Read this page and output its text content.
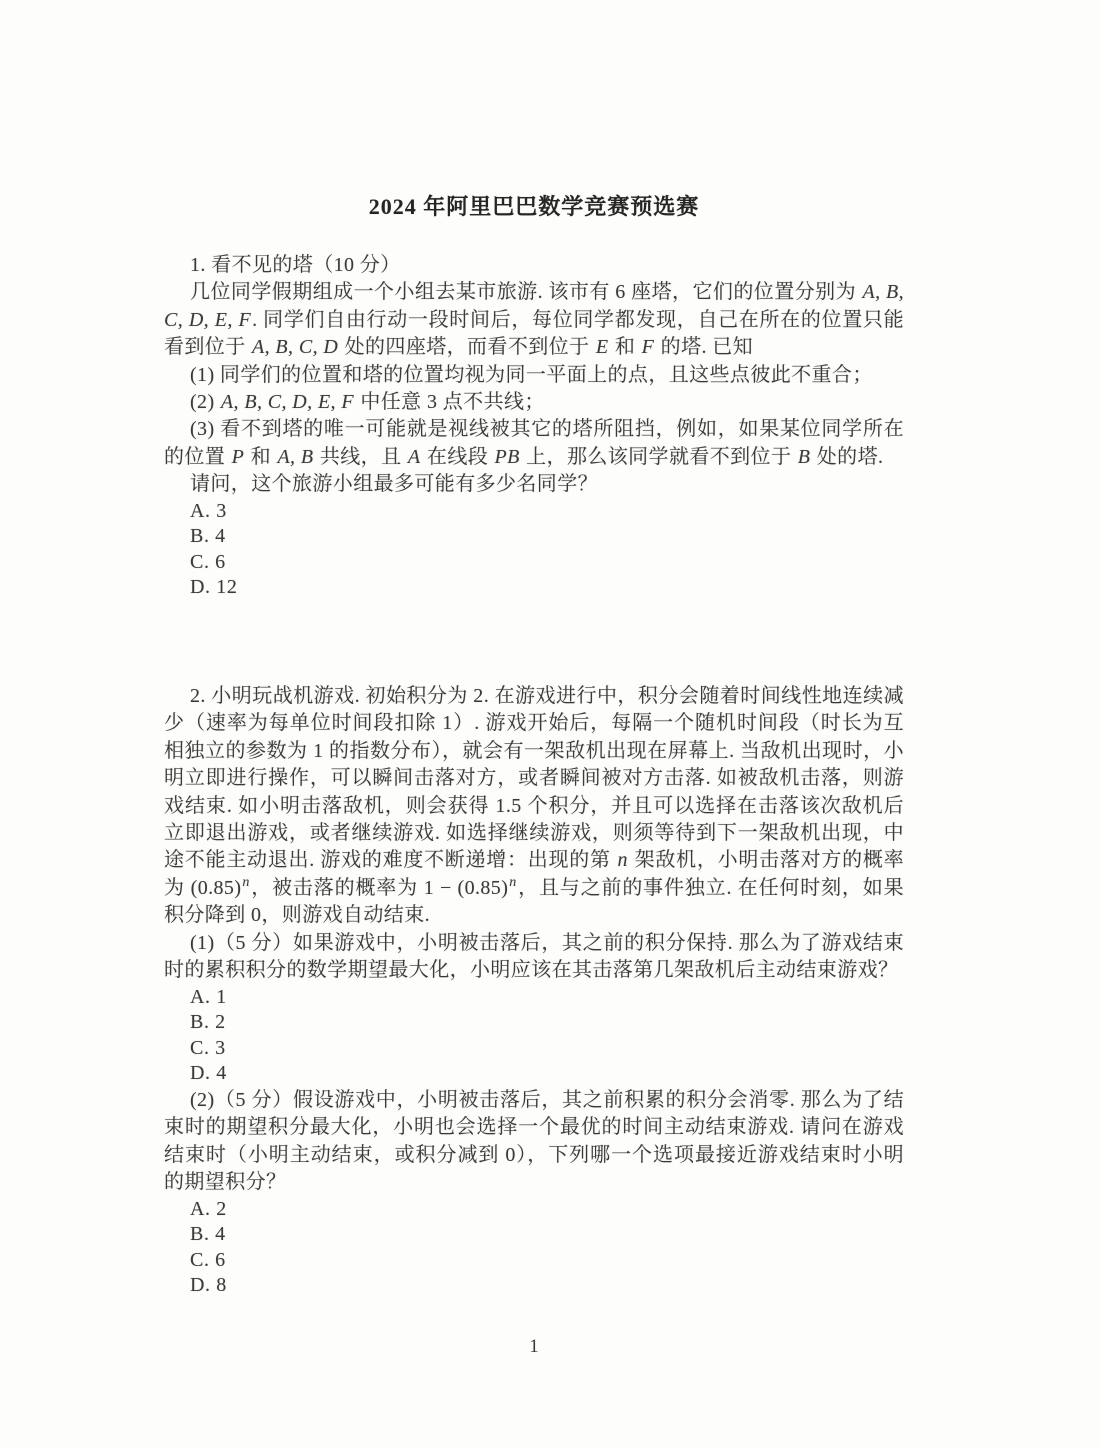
2024 年阿里巴巴数学竞赛预选赛

1. 看不见的塔（10 分）

几位同学假期组成一个小组去某市旅游. 该市有 6 座塔，它们的位置分别为 A, B, C, D, E, F. 同学们自由行动一段时间后，每位同学都发现，自己在所在的位置只能看到位于 A, B, C, D 处的四座塔，而看不到位于 E 和 F 的塔. 已知

(1) 同学们的位置和塔的位置均视为同一平面上的点，且这些点彼此不重合；

(2) A, B, C, D, E, F 中任意 3 点不共线；

(3) 看不到塔的唯一可能就是视线被其它的塔所阻挡，例如，如果某位同学所在的位置 P 和 A, B 共线，且 A 在线段 PB 上，那么该同学就看不到位于 B 处的塔.

请问，这个旅游小组最多可能有多少名同学？

A. 3

B. 4

C. 6

D. 12

2. 小明玩战机游戏. 初始积分为 2. 在游戏进行中，积分会随着时间线性地连续减少（速率为每单位时间段扣除 1）. 游戏开始后，每隔一个随机时间段（时长为互相独立的参数为 1 的指数分布），就会有一架敌机出现在屏幕上. 当敌机出现时，小明立即进行操作，可以瞬间击落对方，或者瞬间被对方击落. 如被敌机击落，则游戏结束. 如小明击落敌机，则会获得 1.5 个积分，并且可以选择在击落该次敌机后立即退出游戏，或者继续游戏. 如选择继续游戏，则须等待到下一架敌机出现，中途不能主动退出. 游戏的难度不断递增：出现的第 n 架敌机，小明击落对方的概率为 $(0.85)^n$，被击落的概率为 $1 - (0.85)^n$，且与之前的事件独立. 在任何时刻，如果积分降到 0，则游戏自动结束.

(1)（5 分）如果游戏中，小明被击落后，其之前的积分保持. 那么为了游戏结束时的累积积分的数学期望最大化，小明应该在其击落第几架敌机后主动结束游戏？

A. 1

B. 2

C. 3

D. 4

(2)（5 分）假设游戏中，小明被击落后，其之前积累的积分会消零. 那么为了结束时的期望积分最大化，小明也会选择一个最优的时间主动结束游戏. 请问在游戏结束时（小明主动结束，或积分减到 0），下列哪一个选项最接近游戏结束时小明的期望积分？

A. 2

B. 4

C. 6

D. 8

1
